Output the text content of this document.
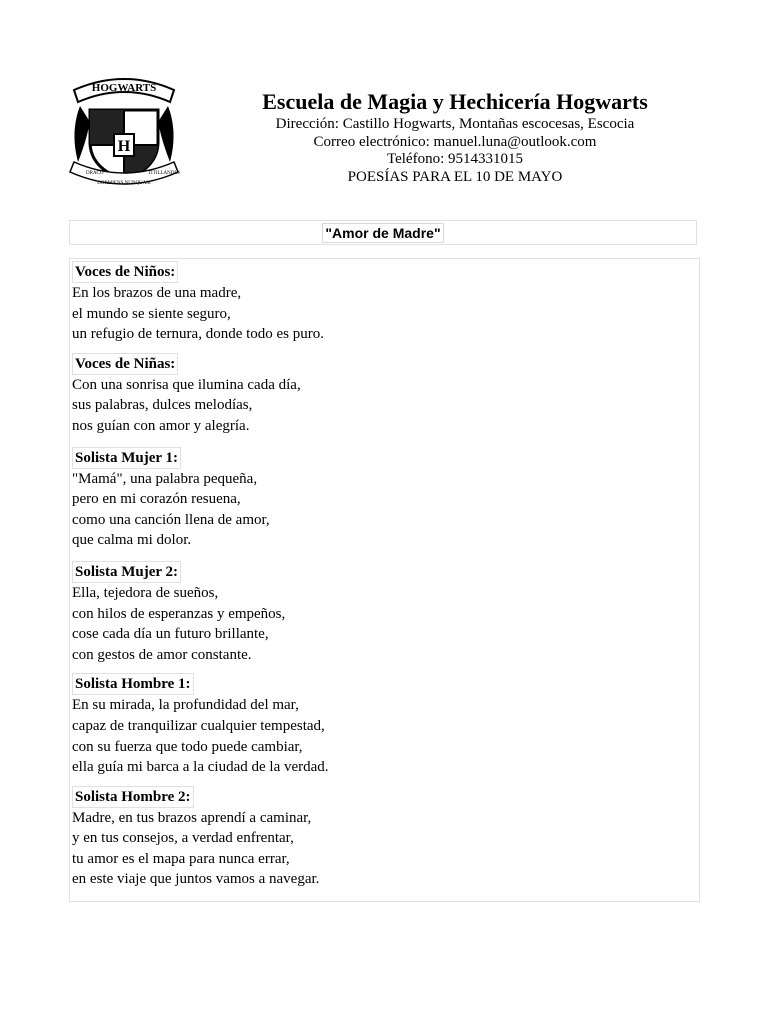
HOGWARTS
H
DRACO
DORMIENS NUNQUAM
TITILLANDUS
Escuela de Magia y Hechicería Hogwarts
Dirección: Castillo Hogwarts, Montañas escocesas, Escocia
Correo electrónico: manuel.luna@outlook.com
Teléfono: 9514331015
POESÍAS PARA EL 10 DE MAYO
"Amor de Madre"
Voces de Niños:
En los brazos de una madre,
el mundo se siente seguro,
un refugio de ternura, donde todo es puro.
Voces de Niñas:
Con una sonrisa que ilumina cada día,
sus palabras, dulces melodías,
nos guían con amor y alegría.
Solista Mujer 1:
"Mamá", una palabra pequeña,
pero en mi corazón resuena,
como una canción llena de amor,
que calma mi dolor.
Solista Mujer 2:
Ella, tejedora de sueños,
con hilos de esperanzas y empeños,
cose cada día un futuro brillante,
con gestos de amor constante.
Solista Hombre 1:
En su mirada, la profundidad del mar,
capaz de tranquilizar cualquier tempestad,
con su fuerza que todo puede cambiar,
ella guía mi barca a la ciudad de la verdad.
Solista Hombre 2:
Madre, en tus brazos aprendí a caminar,
y en tus consejos, a verdad enfrentar,
tu amor es el mapa para nunca errar,
en este viaje que juntos vamos a navegar.
